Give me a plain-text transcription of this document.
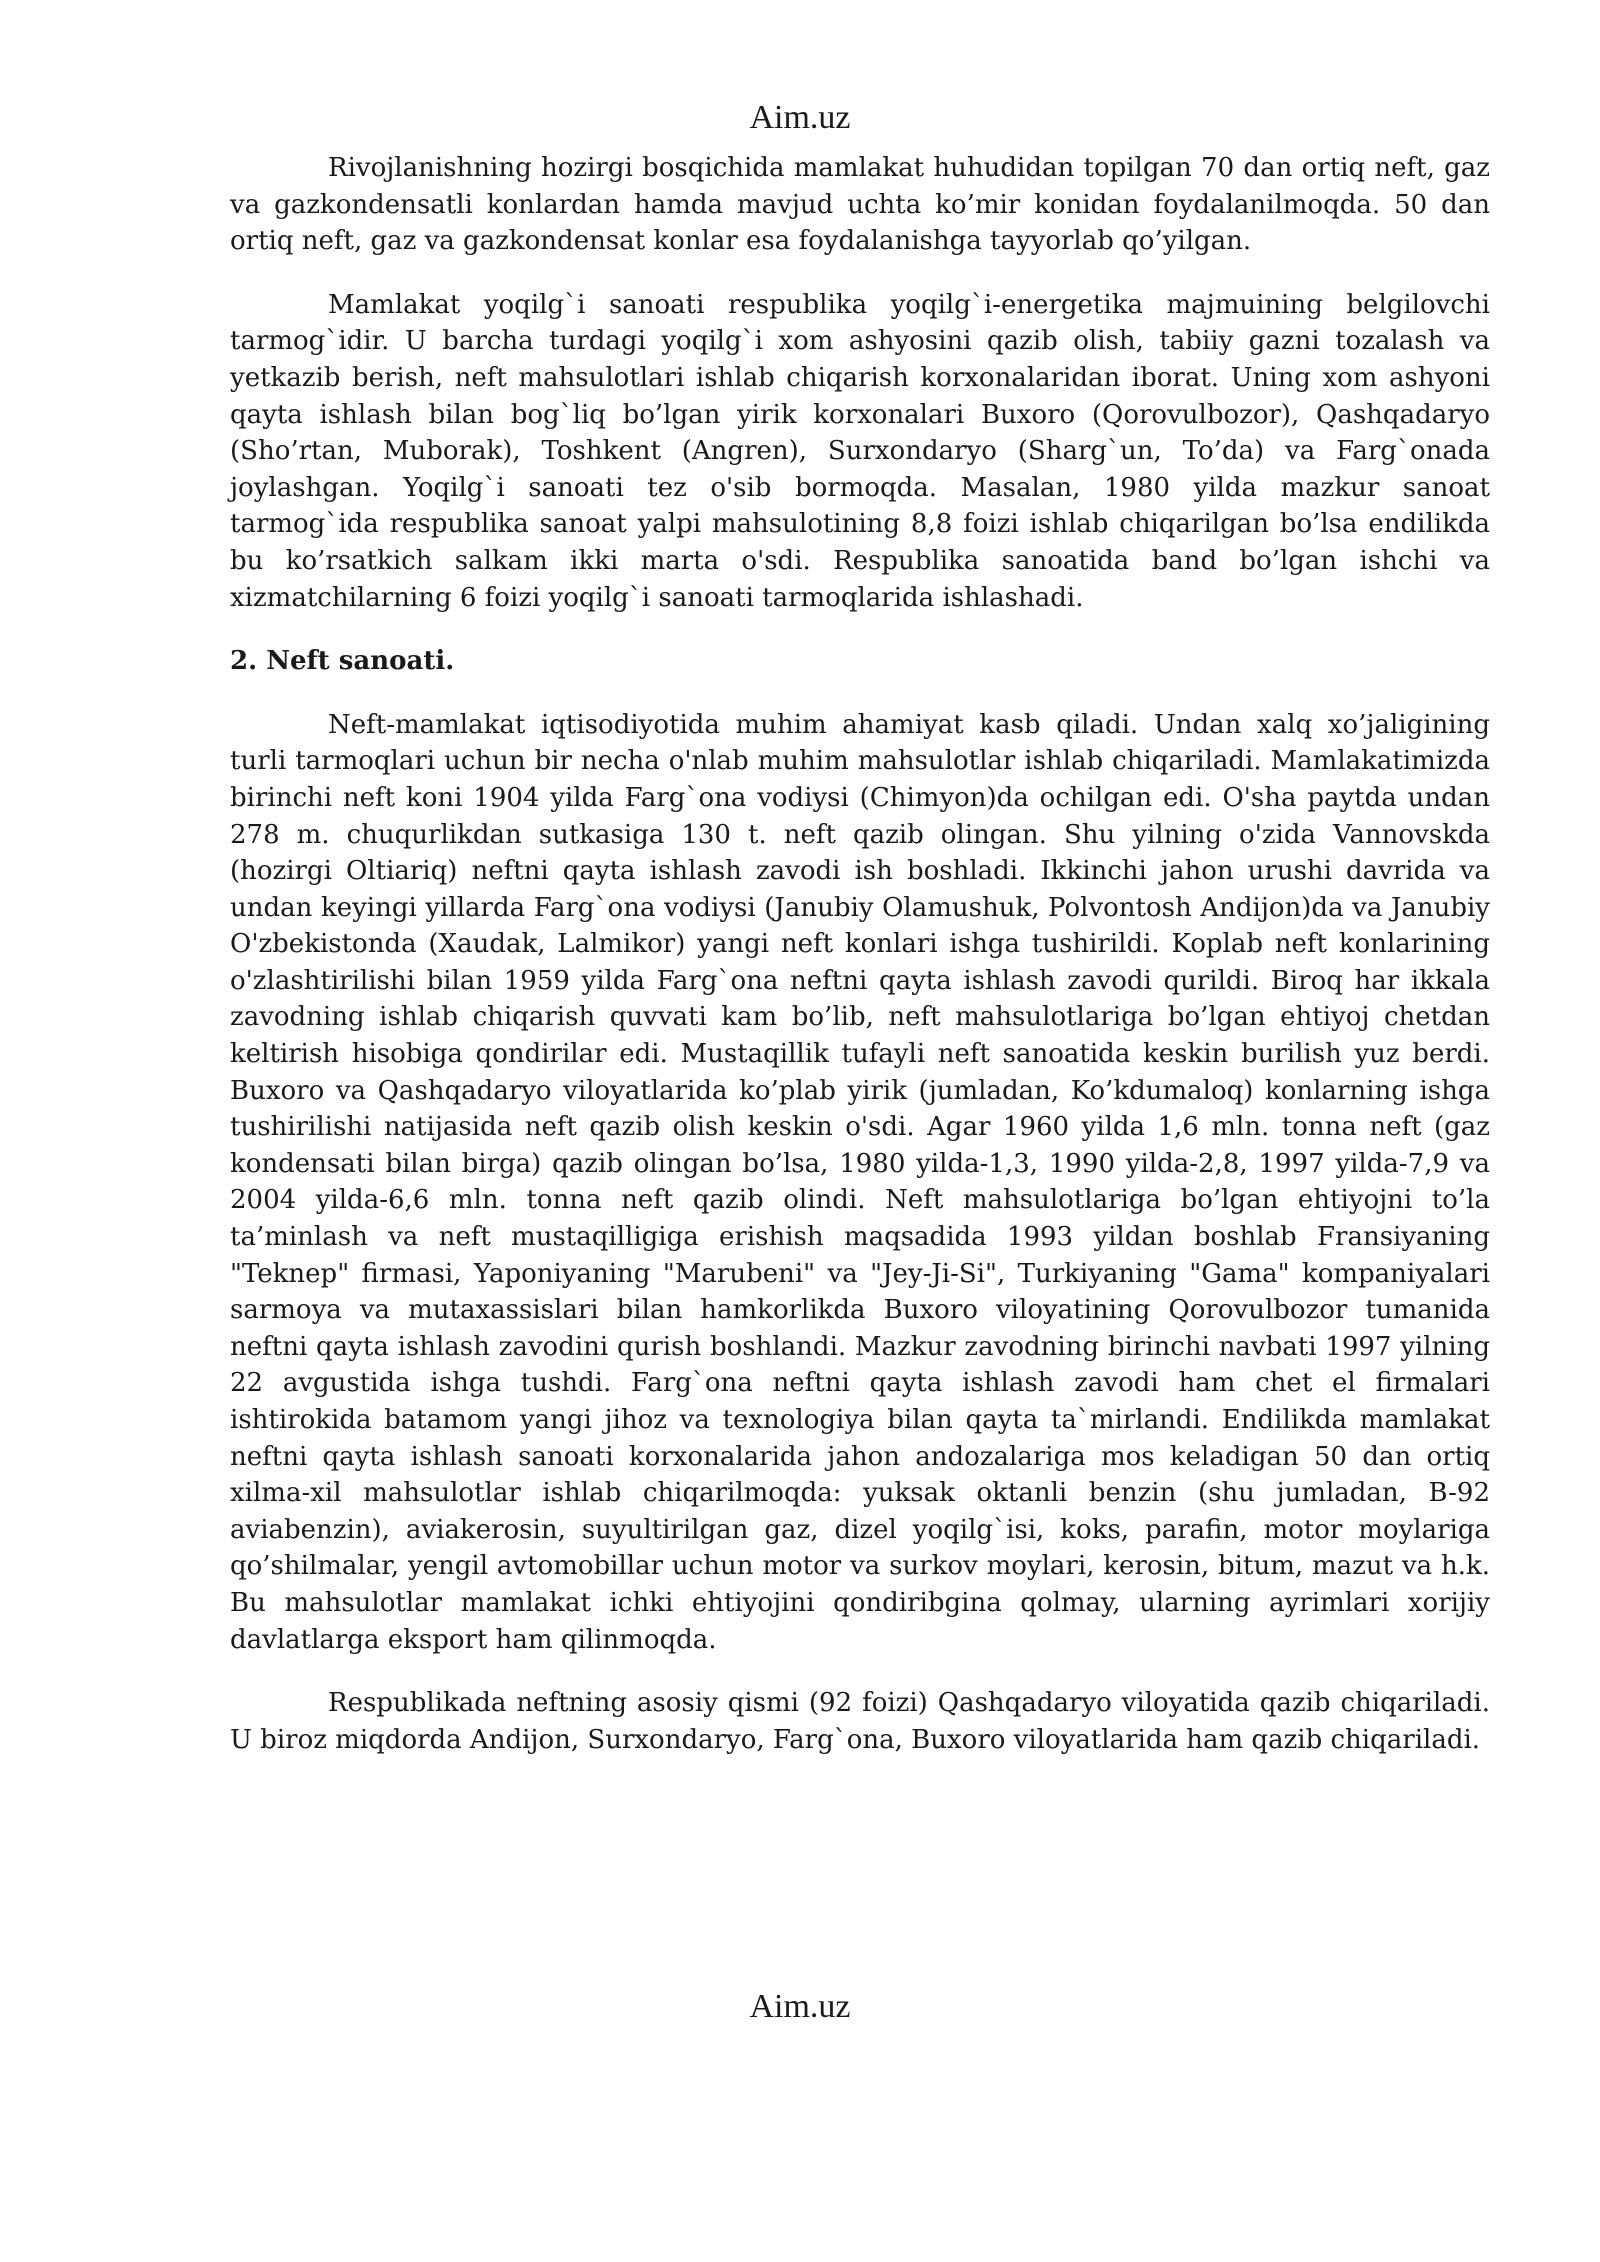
Aim.uz

Rivojlanishning hozirgi bosqichida mamlakat huhudidan topilgan 70 dan ortiq neft, gaz va gazkondensatli konlardan hamda mavjud uchta ko’mir konidan foydalanilmoqda. 50 dan ortiq neft, gaz va gazkondensat konlar esa foydalanishga tayyorlab qo’yilgan.

Mamlakat yoqilg`i sanoati respublika yoqilg`i-energetika majmuining belgilovchi tarmog`idir. U barcha turdagi yoqilg`i xom ashyosini qazib olish, tabiiy gazni tozalash va yetkazib berish, neft mahsulotlari ishlab chiqarish korxonalaridan iborat. Uning xom ashyoni qayta ishlash bilan bog`liq bo’lgan yirik korxonalari Buxoro (Qorovulbozor), Qashqadaryo (Sho’rtan, Muborak), Toshkent (Angren), Surxondaryo (Sharg`un, To’da) va Farg`onada joylashgan. Yoqilg`i sanoati tez o'sib bormoqda. Masalan, 1980 yilda mazkur sanoat tarmog`ida respublika sanoat yalpi mahsulotining 8,8 foizi ishlab chiqarilgan bo’lsa endilikda bu ko’rsatkich salkam ikki marta o'sdi. Respublika sanoatida band bo’lgan ishchi va xizmatchilarning 6 foizi yoqilg`i sanoati tarmoqlarida ishlashadi.

2. Neft sanoati.

Neft-mamlakat iqtisodiyotida muhim ahamiyat kasb qiladi. Undan xalq xo’jaligining turli tarmoqlari uchun bir necha o'nlab muhim mahsulotlar ishlab chiqariladi. Mamlakatimizda birinchi neft koni 1904 yilda Farg`ona vodiysi (Chimyon)da ochilgan edi. O'sha paytda undan 278 m. chuqurlikdan sutkasiga 130 t. neft qazib olingan. Shu yilning o'zida Vannovskda (hozirgi Oltiariq) neftni qayta ishlash zavodi ish boshladi. Ikkinchi jahon urushi davrida va undan keyingi yillarda Farg`ona vodiysi (Janubiy Olamushuk, Polvontosh Andijon)da va Janubiy O'zbekistonda (Xaudak, Lalmikor) yangi neft konlari ishga tushirildi. Koplab neft konlarining o'zlashtirilishi bilan 1959 yilda Farg`ona neftni qayta ishlash zavodi qurildi. Biroq har ikkala zavodning ishlab chiqarish quvvati kam bo’lib, neft mahsulotlariga bo’lgan ehtiyoj chetdan keltirish hisobiga qondirilar edi. Mustaqillik tufayli neft sanoatida keskin burilish yuz berdi. Buxoro va Qashqadaryo viloyatlarida ko’plab yirik (jumladan, Ko’kdumaloq) konlarning ishga tushirilishi natijasida neft qazib olish keskin o'sdi. Agar 1960 yilda 1,6 mln. tonna neft (gaz kondensati bilan birga) qazib olingan bo’lsa, 1980 yilda-1,3, 1990 yilda-2,8, 1997 yilda-7,9 va 2004 yilda-6,6 mln. tonna neft qazib olindi. Neft mahsulotlariga bo’lgan ehtiyojni to’la ta’minlash va neft mustaqilligiga erishish maqsadida 1993 yildan boshlab Fransiyaning "Teknep" firmasi, Yaponiyaning "Marubeni" va "Jey-Ji-Si", Turkiyaning "Gama" kompaniyalari sarmoya va mutaxassislari bilan hamkorlikda Buxoro viloyatining Qorovulbozor tumanida neftni qayta ishlash zavodini qurish boshlandi. Mazkur zavodning birinchi navbati 1997 yilning 22 avgustida ishga tushdi. Farg`ona neftni qayta ishlash zavodi ham chet el firmalari ishtirokida batamom yangi jihoz va texnologiya bilan qayta ta`mirlandi. Endilikda mamlakat neftni qayta ishlash sanoati korxonalarida jahon andozalariga mos keladigan 50 dan ortiq xilma-xil mahsulotlar ishlab chiqarilmoqda: yuksak oktanli benzin (shu jumladan, B-92 aviabenzin), aviakerosin, suyultirilgan gaz, dizel yoqilg`isi, koks, parafin, motor moylariga qo’shilmalar, yengil avtomobillar uchun motor va surkov moylari, kerosin, bitum, mazut va h.k. Bu mahsulotlar mamlakat ichki ehtiyojini qondiribgina qolmay, ularning ayrimlari xorijiy davlatlarga eksport ham qilinmoqda.

Respublikada neftning asosiy qismi (92 foizi) Qashqadaryo viloyatida qazib chiqariladi. U biroz miqdorda Andijon, Surxondaryo, Farg`ona, Buxoro viloyatlarida ham qazib chiqariladi.

Aim.uz
